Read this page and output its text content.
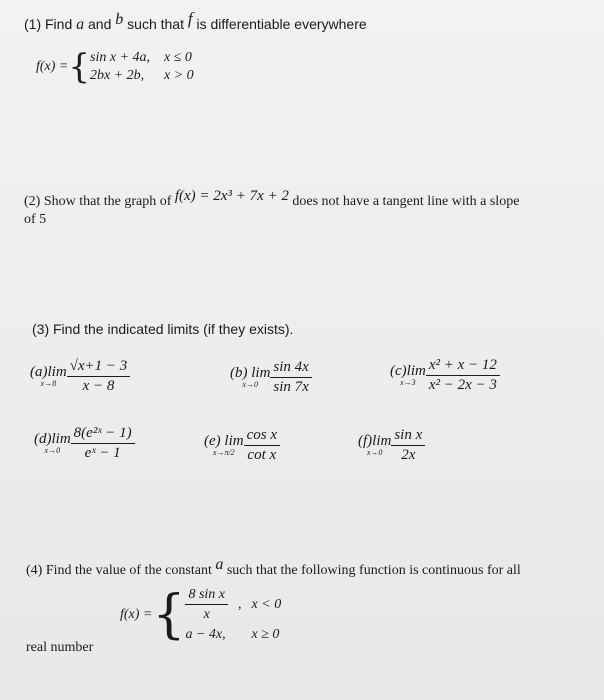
(1) Find a and b such that f is differentiable everywhere
f(x) = { sin x + 4a, x ≤ 0
2bx + 2b,	x > 0
(2) Show that the graph of f(x) = 2x³ + 7x + 2 does not have a tangent line with a slope
of 5
(3) Find the indicated limits (if they exists).
(a)lim
$x\to 8 \frac{√x+1 - 3}{x - 8}$	(b) lim
$x\to 0 \frac{\sin 4x}{\sin 7x}$	(c)lim
$x\to 3 \frac{\text{x² + x − 12}}{\text{x² − 2x − 3}}$
(d)lim
$x\to 0 \frac{\text{8(e²ˣ − 1)}}{\text{eˣ − 1}}$	(e) lim
$x\to\pi/2 \frac{\text{cos x}}{\text{cot x}}$	(f)lim
$x\to 0 \frac{\text{sin x}}{2x}$
(4) Find the value of the constant a such that the following function is continuous for all
f(x) = { $\frac{\text{8 sin x}}{x}$ , x < 0
a − 4x,	x ≥ 0
real number
